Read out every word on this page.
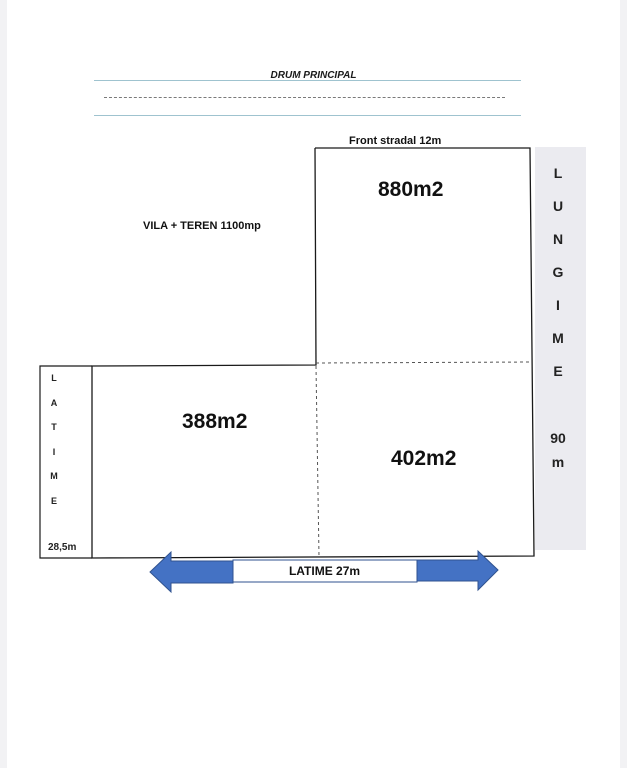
DRUM PRINCIPAL
Front stradal 12m
VILA + TEREN 1100mp
880m2
388m2
402m2
L
U
N
G
I
M
E
90
m
L
A
T
I
M
E
28,5m
LATIME 27m
